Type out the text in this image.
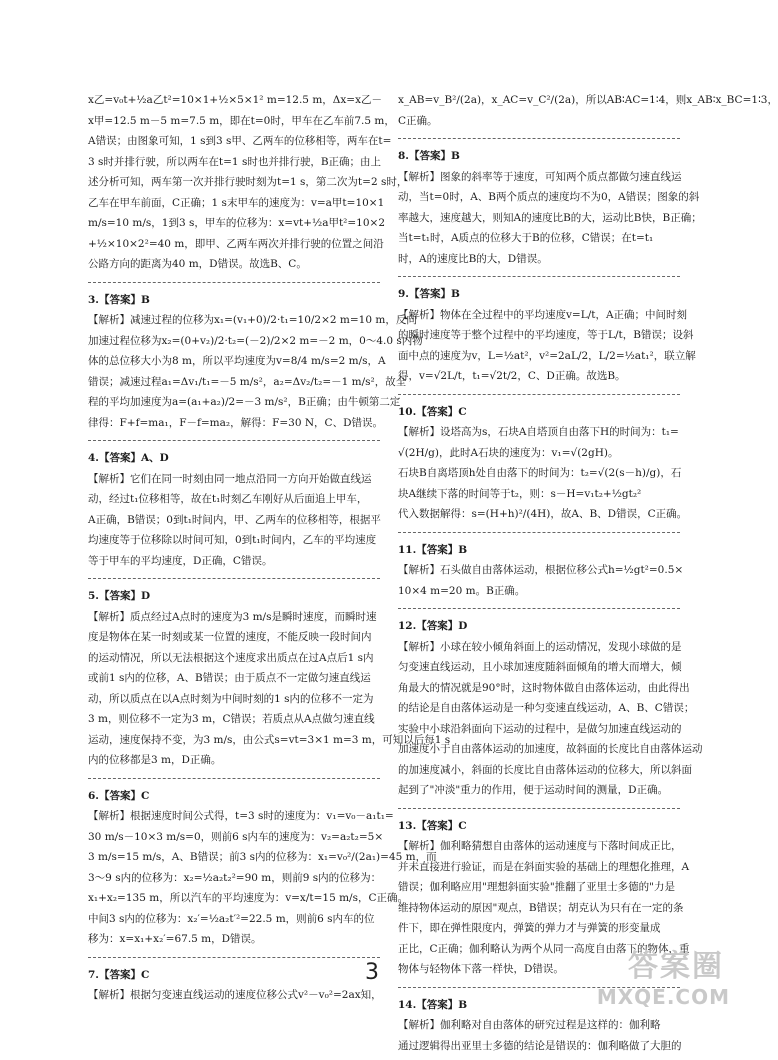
x乙=v₀t+½a乙t²=10×1+½×5×1² m=12.5 m，Δx=x乙－
x甲=12.5 m－5 m=7.5 m，即在t=0时，甲车在乙车前7.5 m，
A错误；由图象可知，1 s到3 s甲、乙两车的位移相等，两车在t=
3 s时并排行驶，所以两车在t=1 s时也并排行驶，B正确；由上
述分析可知，两车第一次并排行驶时刻为t=1 s，第二次为t=2 s时，
乙车在甲车前面，C正确；1 s末甲车的速度为：v=a甲t=10×1
m/s=10 m/s，1到3 s，甲车的位移为：x=vt+½a甲t²=10×2
+½×10×2²=40 m，即甲、乙两车两次并排行驶的位置之间沿
公路方向的距离为40 m，D错误。故选B、C。
3.【答案】B
【解析】减速过程的位移为x₁=(v₁+0)/2·t₁=10/2×2 m=10 m，反向
加速过程位移为x₂=(0+v₂)/2·t₂=(－2)/2×2 m=－2 m，0～4.0 s内物
体的总位移大小为8 m，所以平均速度为v=8/4 m/s=2 m/s，A
错误；减速过程a₁=Δv₁/t₁=－5 m/s²，a₂=Δv₂/t₂=－1 m/s²，故全
程的平均加速度为a=(a₁+a₂)/2=－3 m/s²，B正确；由牛顿第二定
律得：F+f=ma₁，F－f=ma₂，解得：F=30 N，C、D错误。
4.【答案】A、D
【解析】它们在同一时刻由同一地点沿同一方向开始做直线运
动，经过t₁位移相等，故在t₁时刻乙车刚好从后面追上甲车，
A正确，B错误；0到t₁时间内，甲、乙两车的位移相等，根据平
均速度等于位移除以时间可知，0到t₁时间内，乙车的平均速度
等于甲车的平均速度，D正确，C错误。
5.【答案】D
【解析】质点经过A点时的速度为3 m/s是瞬时速度，而瞬时速
度是物体在某一时刻或某一位置的速度，不能反映一段时间内
的运动情况，所以无法根据这个速度求出质点在过A点后1 s内
或前1 s内的位移，A、B错误；由于质点不一定做匀速直线运
动，所以质点在以A点时刻为中间时刻的1 s内的位移不一定为
3 m，则位移不一定为3 m，C错误；若质点从A点做匀速直线
运动，速度保持不变，为3 m/s，由公式s=vt=3×1 m=3 m，可知以后每1 s
内的位移都是3 m，D正确。
6.【答案】C
【解析】根据速度时间公式得，t=3 s时的速度为：v₁=v₀－a₁t₁=
30 m/s－10×3 m/s=0，则前6 s内车的速度为：v₂=a₂t₂=5×
3 m/s=15 m/s，A、B错误；前3 s内的位移为：x₁=v₀²/(2a₁)=45 m，而
3～9 s内的位移为：x₂=½a₂t₂²=90 m，则前9 s内的位移为：
x₁+x₂=135 m，所以汽车的平均速度为：v=x/t=15 m/s，C正确。
中间3 s内的位移为：x₂′=½a₂t′²=22.5 m，则前6 s内车的位
移为：x=x₁+x₂′=67.5 m，D错误。
7.【答案】C
【解析】根据匀变速直线运动的速度位移公式v²－v₀²=2ax知，
x_AB=v_B²/(2a)，x_AC=v_C²/(2a)，所以AB∶AC=1∶4，则x_AB∶x_BC=1∶3，
C正确。
8.【答案】B
【解析】图象的斜率等于速度，可知两个质点都做匀速直线运
动，当t=0时，A、B两个质点的速度均不为0，A错误；图象的斜
率越大，速度越大，则知A的速度比B的大，运动比B快，B正确；
当t=t₁时，A质点的位移大于B的位移，C错误；在t=t₁
时，A的速度比B的大，D错误。
9.【答案】B
【解析】物体在全过程中的平均速度v=L/t，A正确；中间时刻
的瞬时速度等于整个过程中的平均速度，等于L/t，B错误；设斜
面中点的速度为v，L=½at²，v²=2aL/2，L/2=½at₁²，联立解
得，v=√2L/t，t₁=√2t/2，C、D正确。故选B。
10.【答案】C
【解析】设塔高为s，石块A自塔顶自由落下H的时间为：t₁=
√(2H/g)，此时A石块的速度为：v₁=√(2gH)。
石块B自离塔顶h处自由落下的时间为：t₂=√(2(s－h)/g)，石
块A继续下落的时间等于t₂，则：s－H=v₁t₂+½gt₂²
代入数据解得：s=(H+h)²/(4H)，故A、B、D错误，C正确。
11.【答案】B
【解析】石头做自由落体运动，根据位移公式h=½gt²=0.5×
10×4 m=20 m。B正确。
12.【答案】D
【解析】小球在较小倾角斜面上的运动情况，发现小球做的是
匀变速直线运动，且小球加速度随斜面倾角的增大而增大，倾
角最大的情况就是90°时，这时物体做自由落体运动，由此得出
的结论是自由落体运动是一种匀变速直线运动，A、B、C错误；
实验中小球沿斜面向下运动的过程中，是做匀加速直线运动的
加速度小于自由落体运动的加速度，故斜面的长度比自由落体运动
的加速度减小，斜面的长度比自由落体运动的位移大，所以斜面
起到了"冲淡"重力的作用，便于运动时间的测量，D正确。
13.【答案】C
【解析】伽利略猜想自由落体的运动速度与下落时间成正比，
并未直接进行验证，而是在斜面实验的基础上的理想化推理，A
错误；伽利略应用"理想斜面实验"推翻了亚里士多德的"力是
维持物体运动的原因"观点，B错误；胡克认为只有在一定的条
件下，即在弹性限度内，弹簧的弹力才与弹簧的形变量成
正比，C正确；伽利略认为两个从同一高度自由落下的物体，重
物体与轻物体下落一样快，D错误。
14.【答案】B
【解析】伽利略对自由落体的研究过程是这样的：伽利略
通过逻辑得出亚里士多德的结论是错误的：伽利略做了大胆的
3	答案圈
MXQE.COM
